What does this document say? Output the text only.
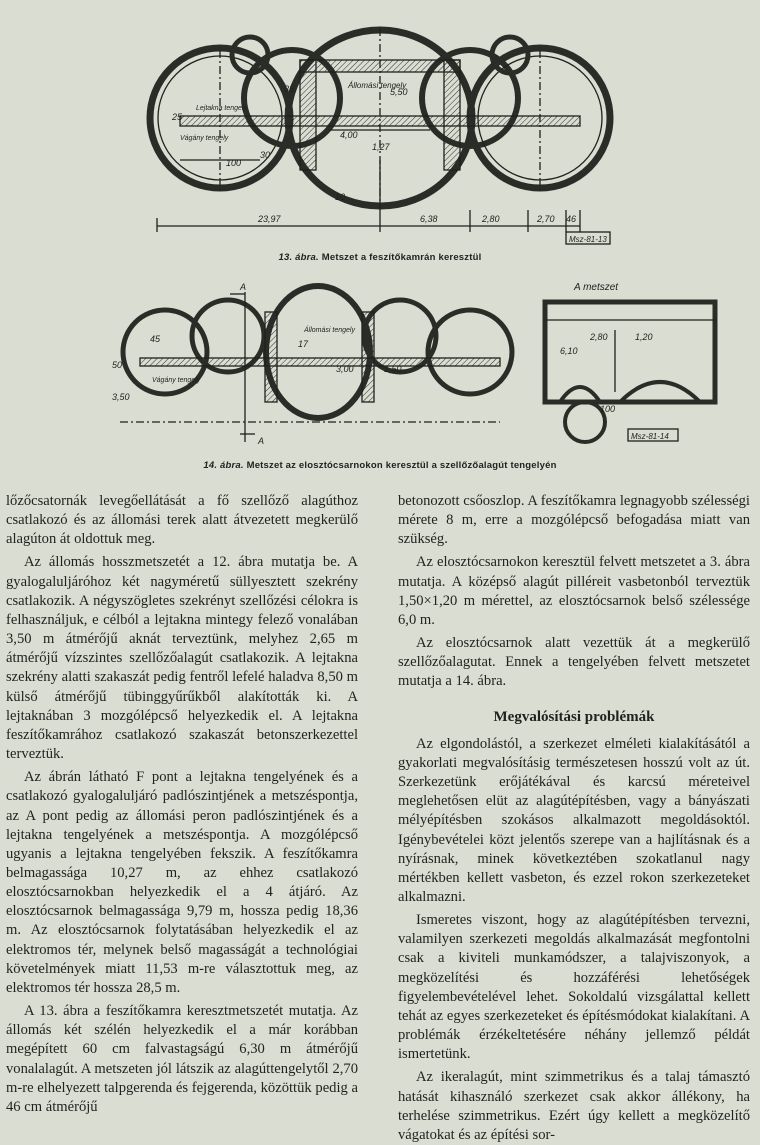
23,97	6,38	2,80	2,70 46
4,00
5,50
25
100
30
35
10
1,27
Állomási tengely
Lejtakna tengely
Vágány tengely
Msz-81-13
13. ábra. Metszet a feszítőkamrán keresztül
A
A
A metszet
2,80	1,20
6,10
3,00	1,50
3,50
50
100
17
45
Vágány tengely
Állomási tengely
Msz-81-14
14. ábra. Metszet az elosztócsarnokon keresztül a szellőzőalagút tengelyén

lőzőcsatornák levegőellátását a fő szellőző alagúthoz csatlakozó és az állomási terek alatt átvezetett megkerülő alagúton át oldottuk meg.

Az állomás hosszmetszetét a 12. ábra mutatja be. A gyalogaluljáróhoz két nagyméretű süllyesztett szekrény csatlakozik. A négyszögletes szekrényt szellőzési célokra is felhasználjuk, e célból a lejtakna mintegy felező vonalában 3,50 m átmérőjű aknát terveztünk, melyhez 2,65 m átmérőjű vízszintes szellőzőalagút csatlakozik. A lejtakna szekrény alatti szakaszát pedig fentről lefelé haladva 8,50 m külső átmérőjű tübinggyűrűkből alakították ki. A lejtaknában 3 mozgólépcső helyezkedik el. A lejtakna feszítőkamrához csatlakozó szakaszát betonszerkezettel terveztük.

Az ábrán látható F pont a lejtakna tengelyének és a csatlakozó gyalogaluljáró padlószintjének a metszéspontja, az A pont pedig az állomási peron padlószintjének és a lejtakna tengelyének a metszéspontja. A mozgólépcső ugyanis a lejtakna tengelyében fekszik. A feszítőkamra belmagassága 10,27 m, az ehhez csatlakozó elosztócsarnokban helyezkedik el a 4 átjáró. Az elosztócsarnok belmagassága 9,79 m, hossza pedig 18,36 m. Az elosztócsarnok folytatásában helyezkedik el az elektromos tér, melynek belső magasságát a technológiai követelmények miatt 11,53 m-re választottuk meg, az elektromos tér hossza 28,5 m.

A 13. ábra a feszítőkamra keresztmetszetét mutatja. Az állomás két szélén helyezkedik el a már korábban megépített 60 cm falvastagságú 6,30 m átmérőjű vonalalagút. A metszeten jól látszik az alagúttengelytől 2,70 m-re elhelyezett talpgerenda és fejgerenda, közöttük pedig a 46 cm átmérőjű

betonozott csőoszlop. A feszítőkamra legnagyobb szélességi mérete 8 m, erre a mozgólépcső befogadása miatt van szükség.

Az elosztócsarnokon keresztül felvett metszetet a 3. ábra mutatja. A középső alagút pilléreit vasbetonból terveztük 1,50×1,20 m mérettel, az elosztócsarnok belső szélessége 6,0 m.

Az elosztócsarnok alatt vezettük át a megkerülő szellőzőalagutat. Ennek a tengelyében felvett metszetet mutatja a 14. ábra.

Megvalósítási problémák

Az elgondolástól, a szerkezet elméleti kialakításától a gyakorlati megvalósításig természetesen hosszú volt az út. Szerkezetünk erőjátékával és karcsú méreteivel meglehetősen elüt az alagútépítésben, vagy a bányászati mélyépítésben szokásos alkalmazott megoldásoktól. Igénybevételei közt jelentős szerepe van a hajlításnak és a nyírásnak, minek következtében szokatlanul nagy mértékben kellett vasbeton, és ezzel rokon szerkezeteket alkalmazni.

Ismeretes viszont, hogy az alagútépítésben tervezni, valamilyen szerkezeti megoldás alkalmazását megfontolni csak a kiviteli munkamódszer, a talajviszonyok, a megközelítési és hozzáférési lehetőségek figyelembevételével lehet. Sokoldalú vizsgálattal kellett tehát az egyes szerkezeteket és építésmódokat kialakítani. A problémák érzékeltetésére néhány jellemző példát ismertetünk.

Az ikeralagút, mint szimmetrikus és a talaj támasztó hatását kihasználó szerkezet csak akkor állékony, ha terhelése szimmetrikus. Ezért úgy kellett a megközelítő vágatokat és az építési sor-
